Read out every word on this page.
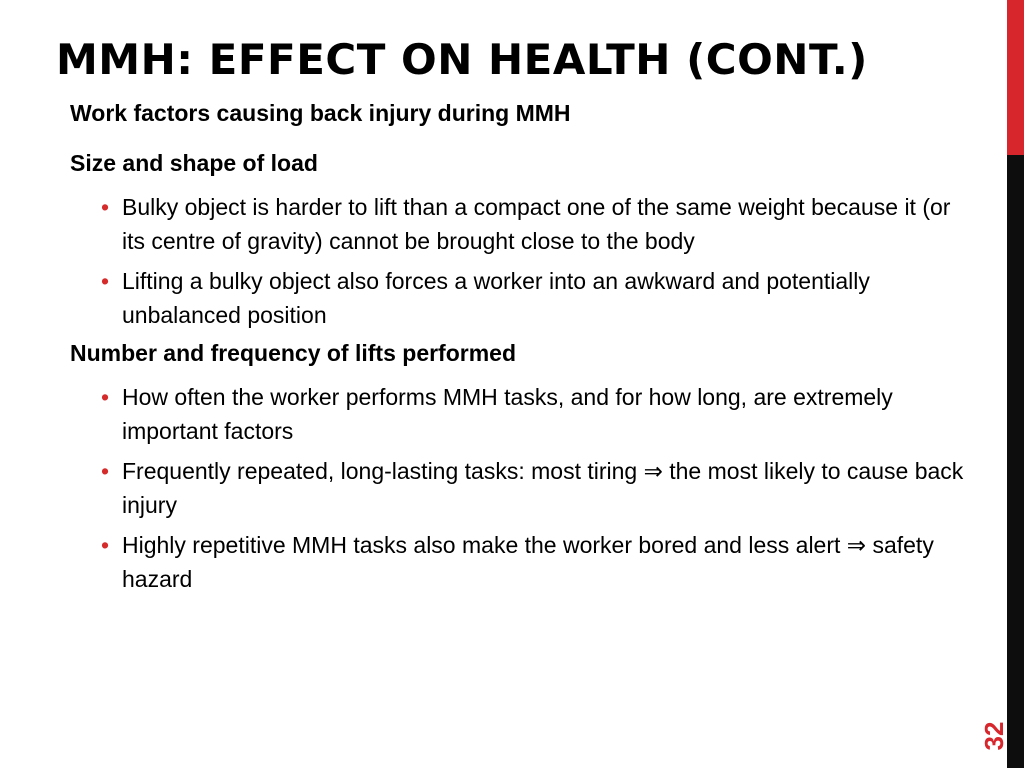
MMH: EFFECT ON HEALTH (CONT.)
Work factors causing back injury during MMH
Size and shape of load
• Bulky object is harder to lift than a compact one of the same weight because it (or its centre of gravity) cannot be brought close to the body
• Lifting a bulky object also forces a worker into an awkward and potentially unbalanced position
Number and frequency of lifts performed
• How often the worker performs MMH tasks, and for how long, are extremely important factors
• Frequently repeated, long-lasting tasks: most tiring ⇒ the most likely to cause back injury
• Highly repetitive MMH tasks also make the worker bored and less alert ⇒ safety hazard
32
